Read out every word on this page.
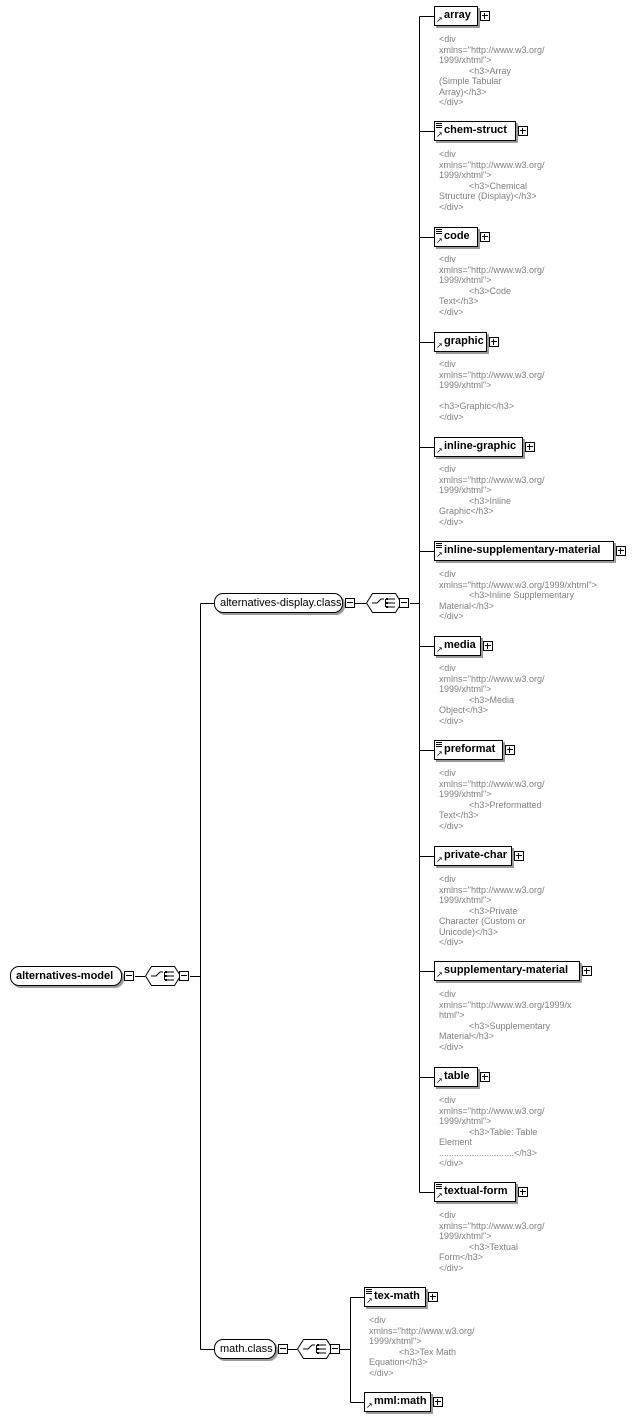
alternatives-model
alternatives-display.class
↗ array
<div
xmlns="http://www.w3.org/
1999/xhtml">
<h3>Array
(Simple Tabular
Array)</h3>
</div>
↗ chem-struct
<div
xmlns="http://www.w3.org/
1999/xhtml">
<h3>Chemical
Structure (Display)</h3>
</div>
↗ code
<div
xmlns="http://www.w3.org/
1999/xhtml">
<h3>Code
Text</h3>
</div>
↗ graphic
<div
xmlns="http://www.w3.org/
1999/xhtml">

<h3>Graphic</h3>
</div>
↗ inline-graphic
<div
xmlns="http://www.w3.org/
1999/xhtml">
<h3>Inline
Graphic</h3>
</div>
↗ inline-supplementary-material
<div
xmlns="http://www.w3.org/1999/xhtml">
<h3>Inline Supplementary
Material</h3>
</div>
↗ media
<div
xmlns="http://www.w3.org/
1999/xhtml">
<h3>Media
Object</h3>
</div>
↗ preformat
<div
xmlns="http://www.w3.org/
1999/xhtml">
<h3>Preformatted
Text</h3>
</div>
↗ private-char
<div
xmlns="http://www.w3.org/
1999/xhtml">
<h3>Private
Character (Custom or
Unicode)</h3>
</div>
↗ supplementary-material
<div
xmlns="http://www.w3.org/1999/x
html">
<h3>Supplementary
Material</h3>
</div>
↗ table
<div
xmlns="http://www.w3.org/
1999/xhtml">
<h3>Table: Table
Element
..............................</h3>
</div>
↗ textual-form
<div
xmlns="http://www.w3.org/
1999/xhtml">
<h3>Textual
Form</h3>
</div>
math.class
↗ tex-math
<div
xmlns="http://www.w3.org/
1999/xhtml">
<h3>Tex Math
Equation</h3>
</div>
↗ mml:math
